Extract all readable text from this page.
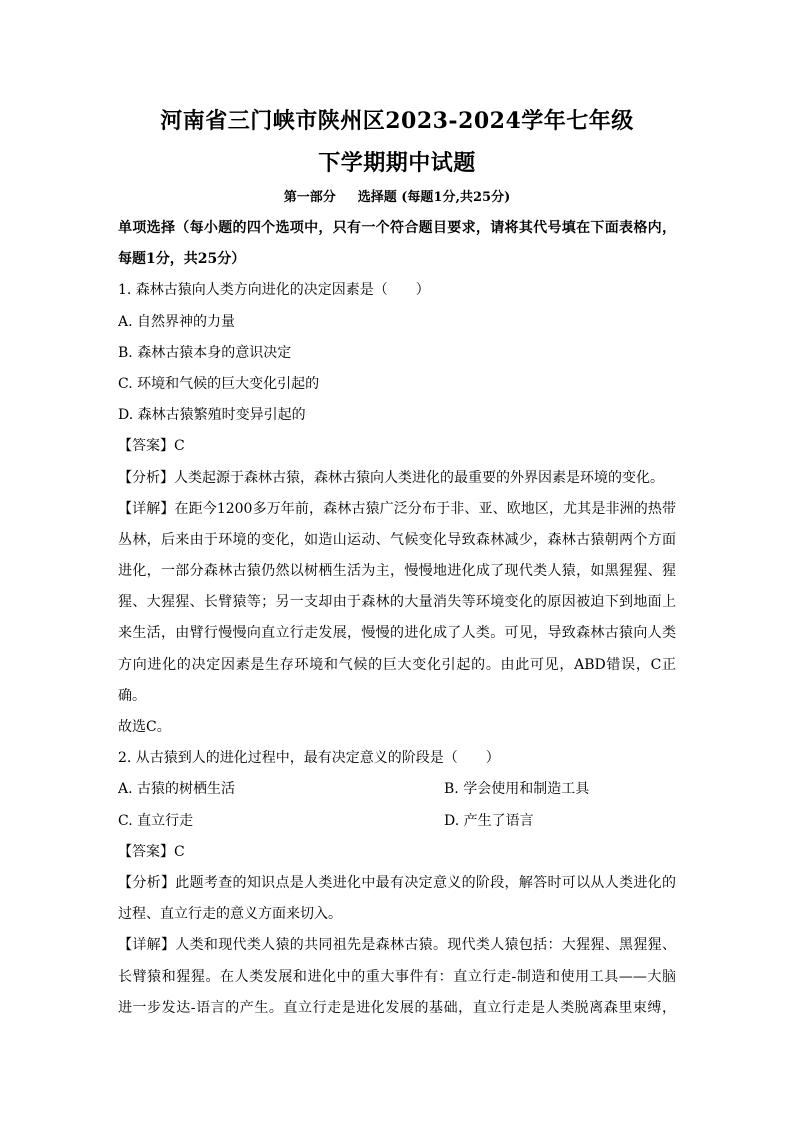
河南省三门峡市陕州区2023-2024学年七年级
下学期期中试题
第一部分 选择题 (每题1分,共25分)
单项选择（每小题的四个选项中，只有一个符合题目要求，请将其代号填在下面表格内，
每题1分，共25分）
1. 森林古猿向人类方向进化的决定因素是（　　）
A. 自然界神的力量
B. 森林古猿本身的意识决定
C. 环境和气候的巨大变化引起的
D. 森林古猿繁殖时变异引起的
【答案】C
【分析】人类起源于森林古猿，森林古猿向人类进化的最重要的外界因素是环境的变化。
【详解】在距今1200多万年前，森林古猿广泛分布于非、亚、欧地区，尤其是非洲的热带
丛林，后来由于环境的变化，如造山运动、气候变化导致森林减少，森林古猿朝两个方面
进化，一部分森林古猿仍然以树栖生活为主，慢慢地进化成了现代类人猿，如黑猩猩、猩
猩、大猩猩、长臂猿等；另一支却由于森林的大量消失等环境变化的原因被迫下到地面上
来生活，由臂行慢慢向直立行走发展，慢慢的进化成了人类。可见，导致森林古猿向人类
方向进化的决定因素是生存环境和气候的巨大变化引起的。由此可见，ABD错误，C正
确。
故选C。
2. 从古猿到人的进化过程中，最有决定意义的阶段是（　　）
A. 古猿的树栖生活	B. 学会使用和制造工具
C. 直立行走	D. 产生了语言
【答案】C
【分析】此题考查的知识点是人类进化中最有决定意义的阶段，解答时可以从人类进化的
过程、直立行走的意义方面来切入。
【详解】人类和现代类人猿的共同祖先是森林古猿。现代类人猿包括：大猩猩、黑猩猩、
长臂猿和猩猩。在人类发展和进化中的重大事件有：直立行走-制造和使用工具——大脑
进一步发达-语言的产生。直立行走是进化发展的基础，直立行走是人类脱离森里束缚，
